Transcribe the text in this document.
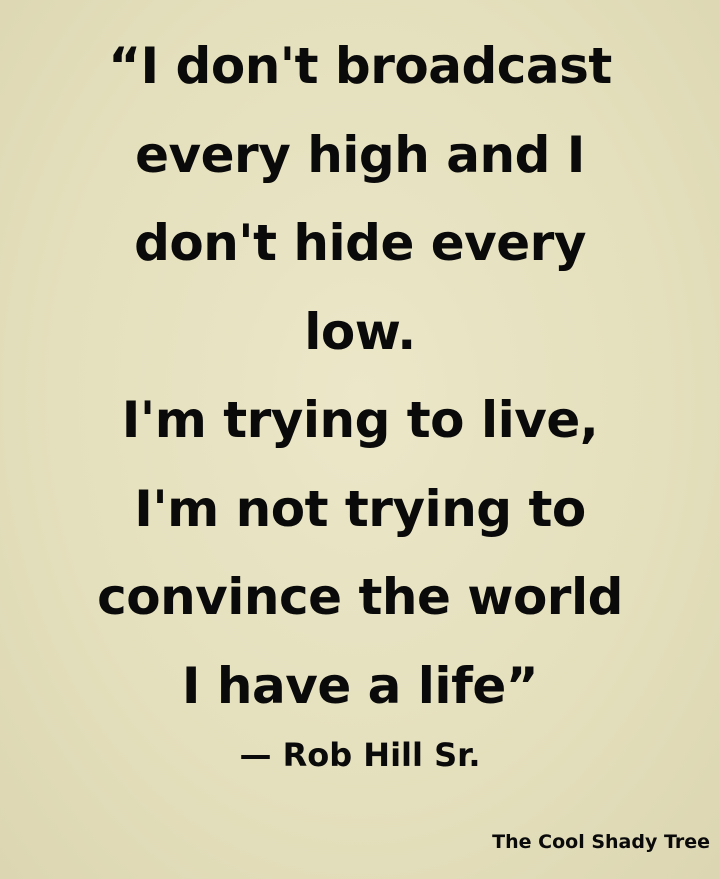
“I don't broadcast
every high and I
don't hide every
low.
I'm trying to live,
I'm not trying to
convince the world
I have a life”
— Rob Hill Sr.
The Cool Shady Tree
